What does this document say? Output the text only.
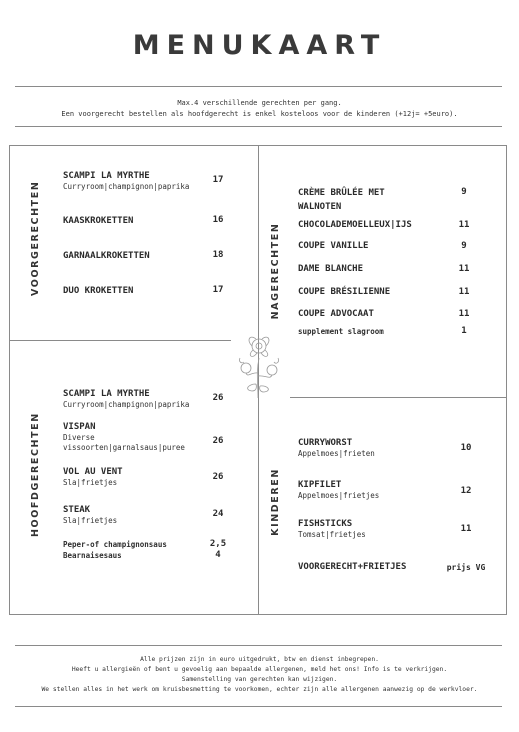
MENUKAART
Max.4 verschillende gerechten per gang.
Een voorgerecht bestellen als hoofdgerecht is enkel kosteloos voor de kinderen (+12j= +5euro).
VOORGERECHTEN
SCAMPI LA MYRTHE
Curryroom|champignon|paprika
17
KAASKROKETTEN	16
GARNAALKROKETTEN	18
DUO KROKETTEN	17
HOOFDGERECHTEN
SCAMPI LA MYRTHE
Curryroom|champignon|paprika
26
VISPAN
Diverse
vissoorten|garnalsaus|puree
26
VOL AU VENT
Sla|frietjes
26
STEAK
Sla|frietjes
24
Peper-of champignonsaus	2,5
Bearnaisesaus	4
NAGERECHTEN
CRÈME BRÛLÉE MET
WALNOTEN
9
CHOCOLADEMOELLEUX|IJS	11
COUPE VANILLE	9
DAME BLANCHE	11
COUPE BRÉSILIENNE	11
COUPE ADVOCAAT	11
supplement slagroom	1
KINDEREN
CURRYWORST
Appelmoes|frieten
10
KIPFILET
Appelmoes|frietjes	12
FISHSTICKS
Tomsat|frietjes
11
VOORGERECHT+FRIETJES	prijs VG
Alle prijzen zijn in euro uitgedrukt, btw en dienst inbegrepen.
Heeft u allergieën of bent u gevoelig aan bepaalde allergenen, meld het ons! Info is te verkrijgen.
Samenstelling van gerechten kan wijzigen.
We stellen alles in het werk om kruisbesmetting te voorkomen, echter zijn alle allergenen aanwezig op de werkvloer.
